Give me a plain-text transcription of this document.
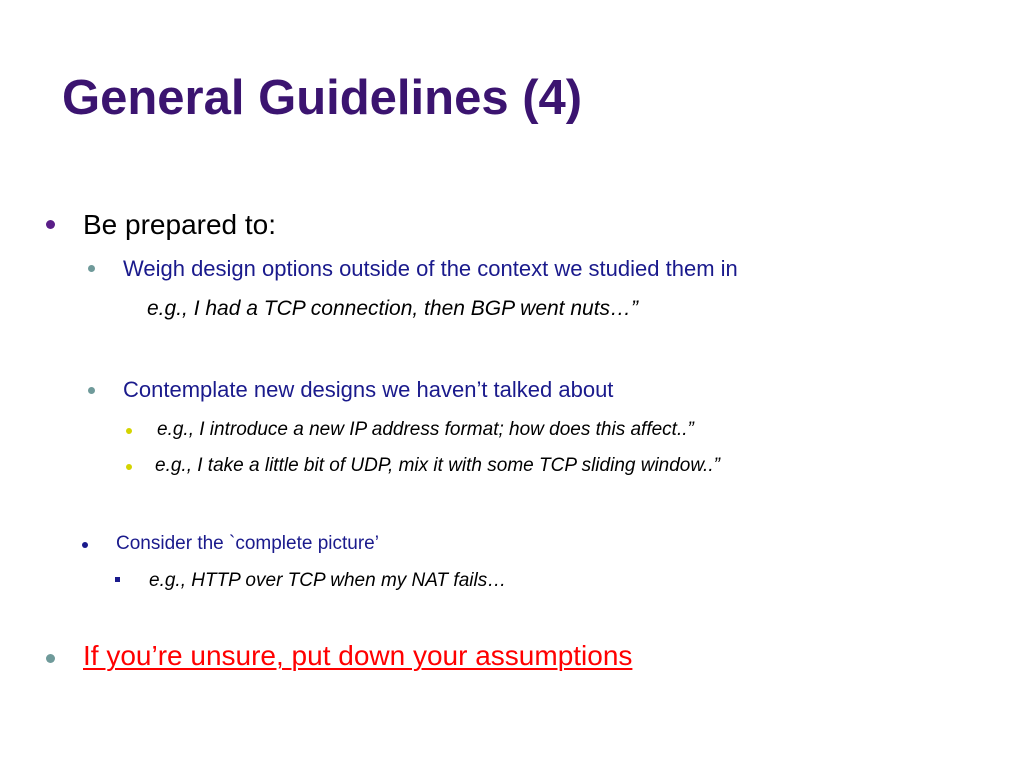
General Guidelines (4)
Be prepared to:
Weigh design options outside of the context we studied them in
e.g., I had a TCP connection, then BGP went nuts…”
Contemplate new designs we haven’t talked about
e.g., I introduce a new IP address format; how does this affect..”
e.g., I take a little bit of UDP, mix it with some TCP sliding window..”
Consider the `complete picture’
e.g., HTTP over TCP when my NAT fails…
If you’re unsure, put down your assumptions
